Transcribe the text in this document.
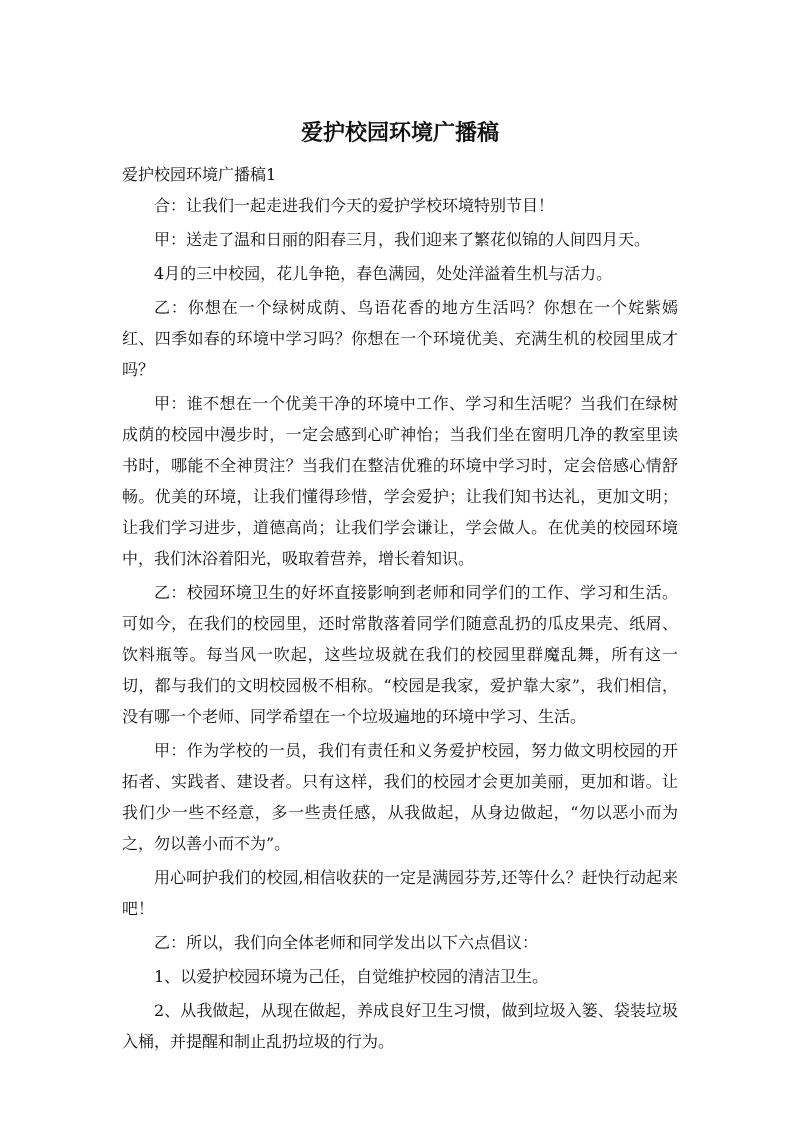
爱护校园环境广播稿

爱护校园环境广播稿1

合：让我们一起走进我们今天的爱护学校环境特别节目！

甲：送走了温和日丽的阳春三月，我们迎来了繁花似锦的人间四月天。

4月的三中校园，花儿争艳，春色满园，处处洋溢着生机与活力。

乙：你想在一个绿树成荫、鸟语花香的地方生活吗？你想在一个姹紫嫣红、四季如春的环境中学习吗？你想在一个环境优美、充满生机的校园里成才吗？

甲：谁不想在一个优美干净的环境中工作、学习和生活呢？当我们在绿树成荫的校园中漫步时，一定会感到心旷神怡；当我们坐在窗明几净的教室里读书时，哪能不全神贯注？当我们在整洁优雅的环境中学习时，定会倍感心情舒畅。优美的环境，让我们懂得珍惜，学会爱护；让我们知书达礼，更加文明；让我们学习进步，道德高尚；让我们学会谦让，学会做人。在优美的校园环境中，我们沐浴着阳光，吸取着营养，增长着知识。

乙：校园环境卫生的好坏直接影响到老师和同学们的工作、学习和生活。可如今，在我们的校园里，还时常散落着同学们随意乱扔的瓜皮果壳、纸屑、饮料瓶等。每当风一吹起，这些垃圾就在我们的校园里群魔乱舞，所有这一切，都与我们的文明校园极不相称。“校园是我家，爱护靠大家”，我们相信，没有哪一个老师、同学希望在一个垃圾遍地的环境中学习、生活。

甲：作为学校的一员，我们有责任和义务爱护校园，努力做文明校园的开拓者、实践者、建设者。只有这样，我们的校园才会更加美丽，更加和谐。让我们少一些不经意，多一些责任感，从我做起，从身边做起，“勿以恶小而为之，勿以善小而不为”。

用心呵护我们的校园,相信收获的一定是满园芬芳,还等什么？赶快行动起来吧！

乙：所以，我们向全体老师和同学发出以下六点倡议：

1、以爱护校园环境为己任，自觉维护校园的清洁卫生。

2、从我做起，从现在做起，养成良好卫生习惯，做到垃圾入篓、袋装垃圾入桶，并提醒和制止乱扔垃圾的行为。
